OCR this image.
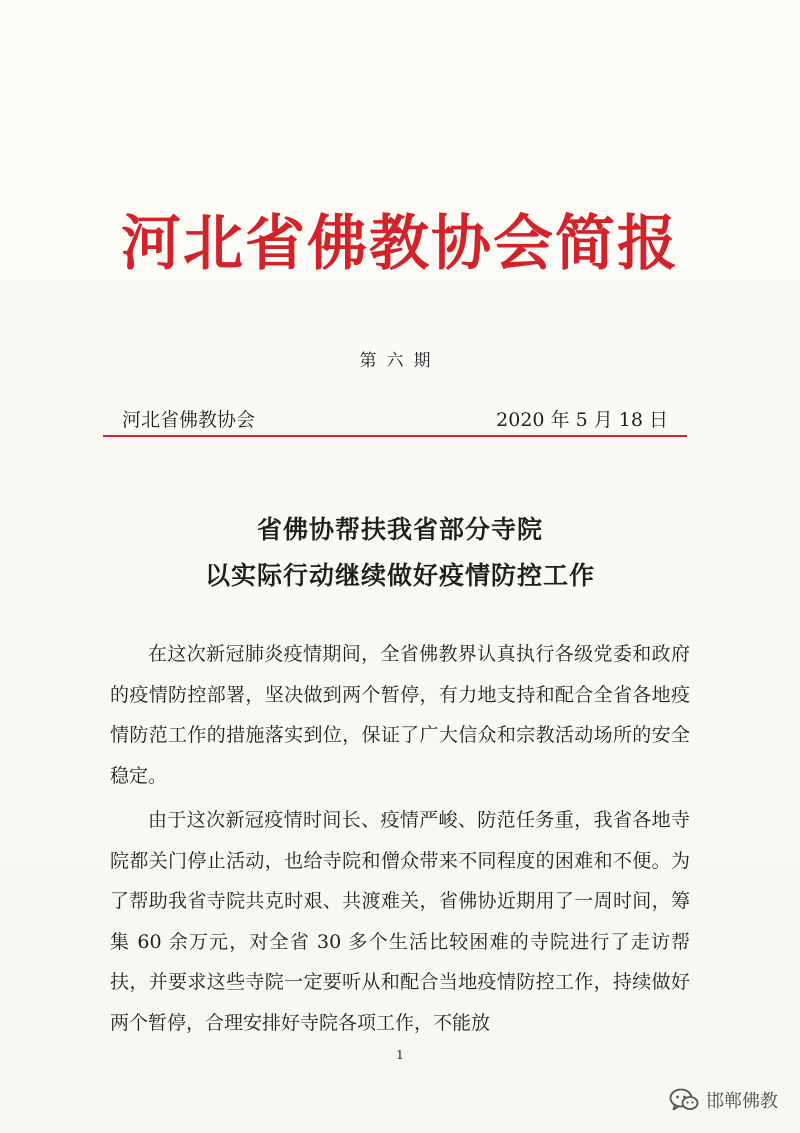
河北省佛教协会简报
第六期
河北省佛教协会	2020 年 5 月 18 日
省佛协帮扶我省部分寺院
以实际行动继续做好疫情防控工作

在这次新冠肺炎疫情期间，全省佛教界认真执行各级党委和政府的疫情防控部署，坚决做到两个暂停，有力地支持和配合全省各地疫情防范工作的措施落实到位，保证了广大信众和宗教活动场所的安全稳定。

由于这次新冠疫情时间长、疫情严峻、防范任务重，我省各地寺院都关门停止活动，也给寺院和僧众带来不同程度的困难和不便。为了帮助我省寺院共克时艰、共渡难关，省佛协近期用了一周时间，筹集 60 余万元，对全省 30 多个生活比较困难的寺院进行了走访帮扶，并要求这些寺院一定要听从和配合当地疫情防控工作，持续做好两个暂停，合理安排好寺院各项工作，不能放

1
邯郸佛教
